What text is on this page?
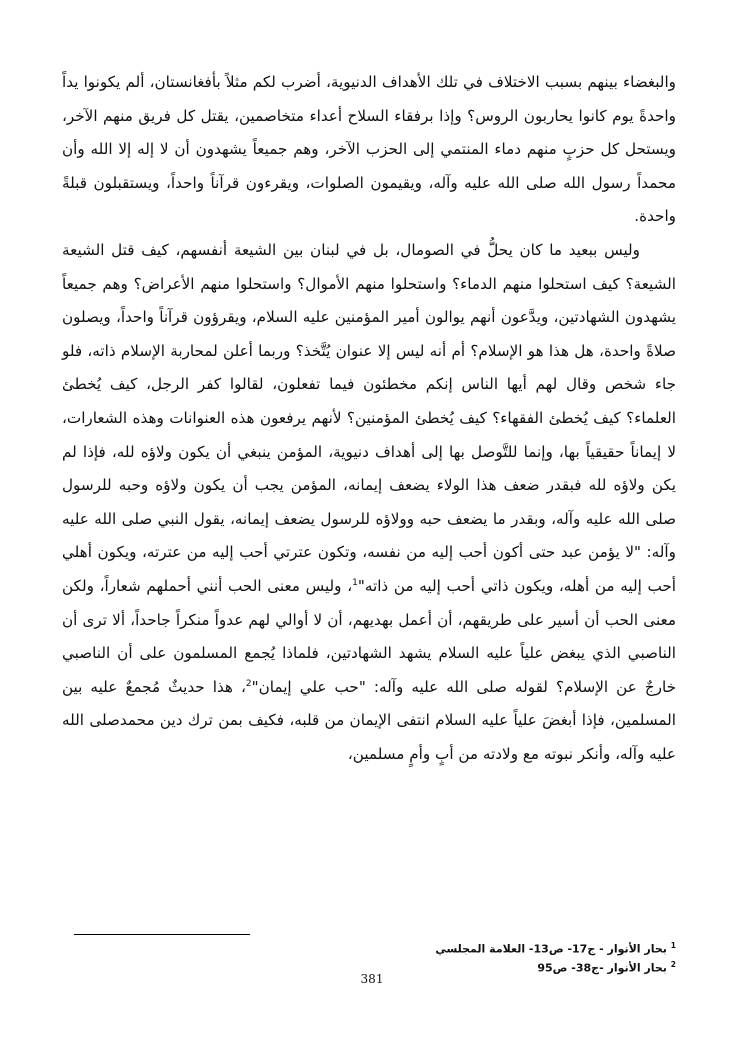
والبغضاء بينهم بسبب الاختلاف في تلك الأهداف الدنيوية، أضرب لكم مثلاً بأفغانستان، ألم يكونوا يداً واحدةً يوم كانوا يحاربون الروس؟ وإذا برفقاء السلاح أعداء متخاصمين، يقتل كل فريق منهم الآخر، ويستحل كل حزبٍ منهم دماء المنتمي إلى الحزب الآخر، وهم جميعاً يشهدون أن لا إله إلا الله وأن محمداً رسول الله صلى الله عليه وآله، ويقيمون الصلوات، ويقرءون قرآناً واحداً، ويستقبلون قبلةً واحدة.

وليس ببعيد ما كان يحلُّ في الصومال، بل في لبنان بين الشيعة أنفسهم، كيف قتل الشيعة الشيعة؟ كيف استحلوا منهم الدماء؟ واستحلوا منهم الأموال؟ واستحلوا منهم الأعراض؟ وهم جميعاً يشهدون الشهادتين، ويدَّعون أنهم يوالون أمير المؤمنين عليه السلام، ويقرؤون قرآناً واحداً، ويصلون صلاةً واحدة، هل هذا هو الإسلام؟ أم أنه ليس إلا عنوان يُتَّخذ؟ وربما أعلن لمحاربة الإسلام ذاته، فلو جاء شخص وقال لهم أيها الناس إنكم مخطئون فيما تفعلون، لقالوا كفر الرجل، كيف يُخطئ العلماء؟ كيف يُخطئ الفقهاء؟ كيف يُخطئ المؤمنين؟ لأنهم يرفعون هذه العنوانات وهذه الشعارات، لا إيماناً حقيقياً بها، وإنما للتَّوصل بها إلى أهداف دنيوية، المؤمن ينبغي أن يكون ولاؤه لله، فإذا لم يكن ولاؤه لله فبقدر ضعف هذا الولاء يضعف إيمانه، المؤمن يجب أن يكون ولاؤه وحبه للرسول صلى الله عليه وآله، وبقدر ما يضعف حبه وولاؤه للرسول يضعف إيمانه، يقول النبي صلى الله عليه وآله: "لا يؤمن عبد حتى أكون أحب إليه من نفسه، وتكون عترتي أحب إليه من عترته، ويكون أهلي أحب إليه من أهله، ويكون ذاتي أحب إليه من ذاته"$^1$، وليس معنى الحب أنني أحملهم شعاراً، ولكن معنى الحب أن أسير على طريقهم، أن أعمل بهديهم، أن لا أوالي لهم عدواً منكراً جاحداً، ألا ترى أن الناصبي الذي يبغض علياً عليه السلام يشهد الشهادتين، فلماذا يُجمع المسلمون على أن الناصبي خارجٌ عن الإسلام؟ لقوله صلى الله عليه وآله: "حب علي إيمان"$^2$، هذا حديثٌ مُجمعٌ عليه بين المسلمين، فإذا أبغضَ علياً عليه السلام انتفى الإيمان من قلبه، فكيف بمن ترك دين محمدصلى الله عليه وآله، وأنكر نبوته مع ولادته من أبٍ وأمٍ مسلمين،

$^1$ بحار الأنوار - ج17- ص13- العلامة المجلسي
$^2$ بحار الأنوار -ج38- ص95
381
